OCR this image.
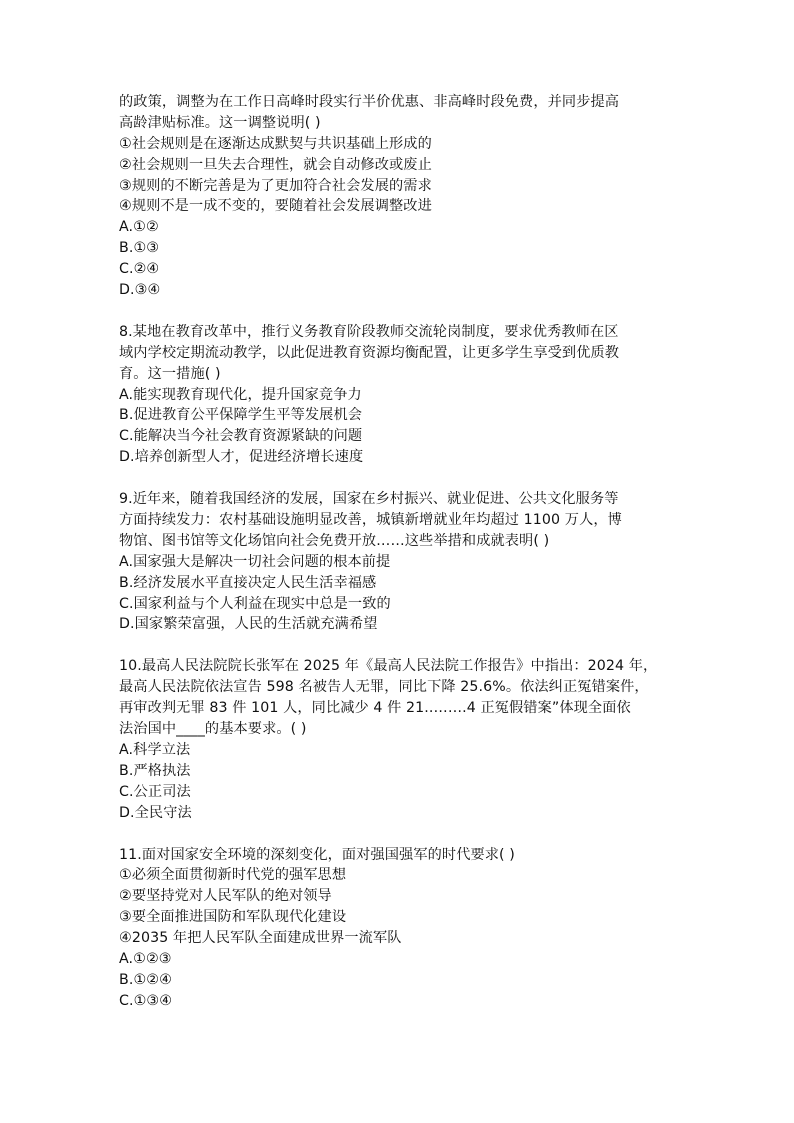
的政策，调整为在工作日高峰时段实行半价优惠、非高峰时段免费，并同步提高
高龄津贴标准。这一调整说明( )
①社会规则是在逐渐达成默契与共识基础上形成的
②社会规则一旦失去合理性，就会自动修改或废止
③规则的不断完善是为了更加符合社会发展的需求
④规则不是一成不变的，要随着社会发展调整改进
A.①②
B.①③
C.②④
D.③④
8.某地在教育改革中，推行义务教育阶段教师交流轮岗制度，要求优秀教师在区
域内学校定期流动教学，以此促进教育资源均衡配置，让更多学生享受到优质教
育。这一措施( )
A.能实现教育现代化，提升国家竞争力
B.促进教育公平保障学生平等发展机会
C.能解决当今社会教育资源紧缺的问题
D.培养创新型人才，促进经济增长速度
9.近年来，随着我国经济的发展，国家在乡村振兴、就业促进、公共文化服务等
方面持续发力：农村基础设施明显改善，城镇新增就业年均超过 1100 万人，博
物馆、图书馆等文化场馆向社会免费开放……这些举措和成就表明( )
A.国家强大是解决一切社会问题的根本前提
B.经济发展水平直接决定人民生活幸福感
C.国家利益与个人利益在现实中总是一致的
D.国家繁荣富强，人民的生活就充满希望
10.最高人民法院院长张军在 2025 年《最高人民法院工作报告》中指出：2024 年，
最高人民法院依法宣告 598 名被告人无罪，同比下降 25.6%。依法纠正冤错案件，
再审改判无罪 83 件 101 人，同比减少 4 件 21..…….4 正冤假错案”体现全面依
法治国中____的基本要求。( )
A.科学立法
B.严格执法
C.公正司法
D.全民守法
11.面对国家安全环境的深刻变化，面对强国强军的时代要求( )
①必须全面贯彻新时代党的强军思想
②要坚持党对人民军队的绝对领导
③要全面推进国防和军队现代化建设
④2035 年把人民军队全面建成世界一流军队
A.①②③
B.①②④
C.①③④
